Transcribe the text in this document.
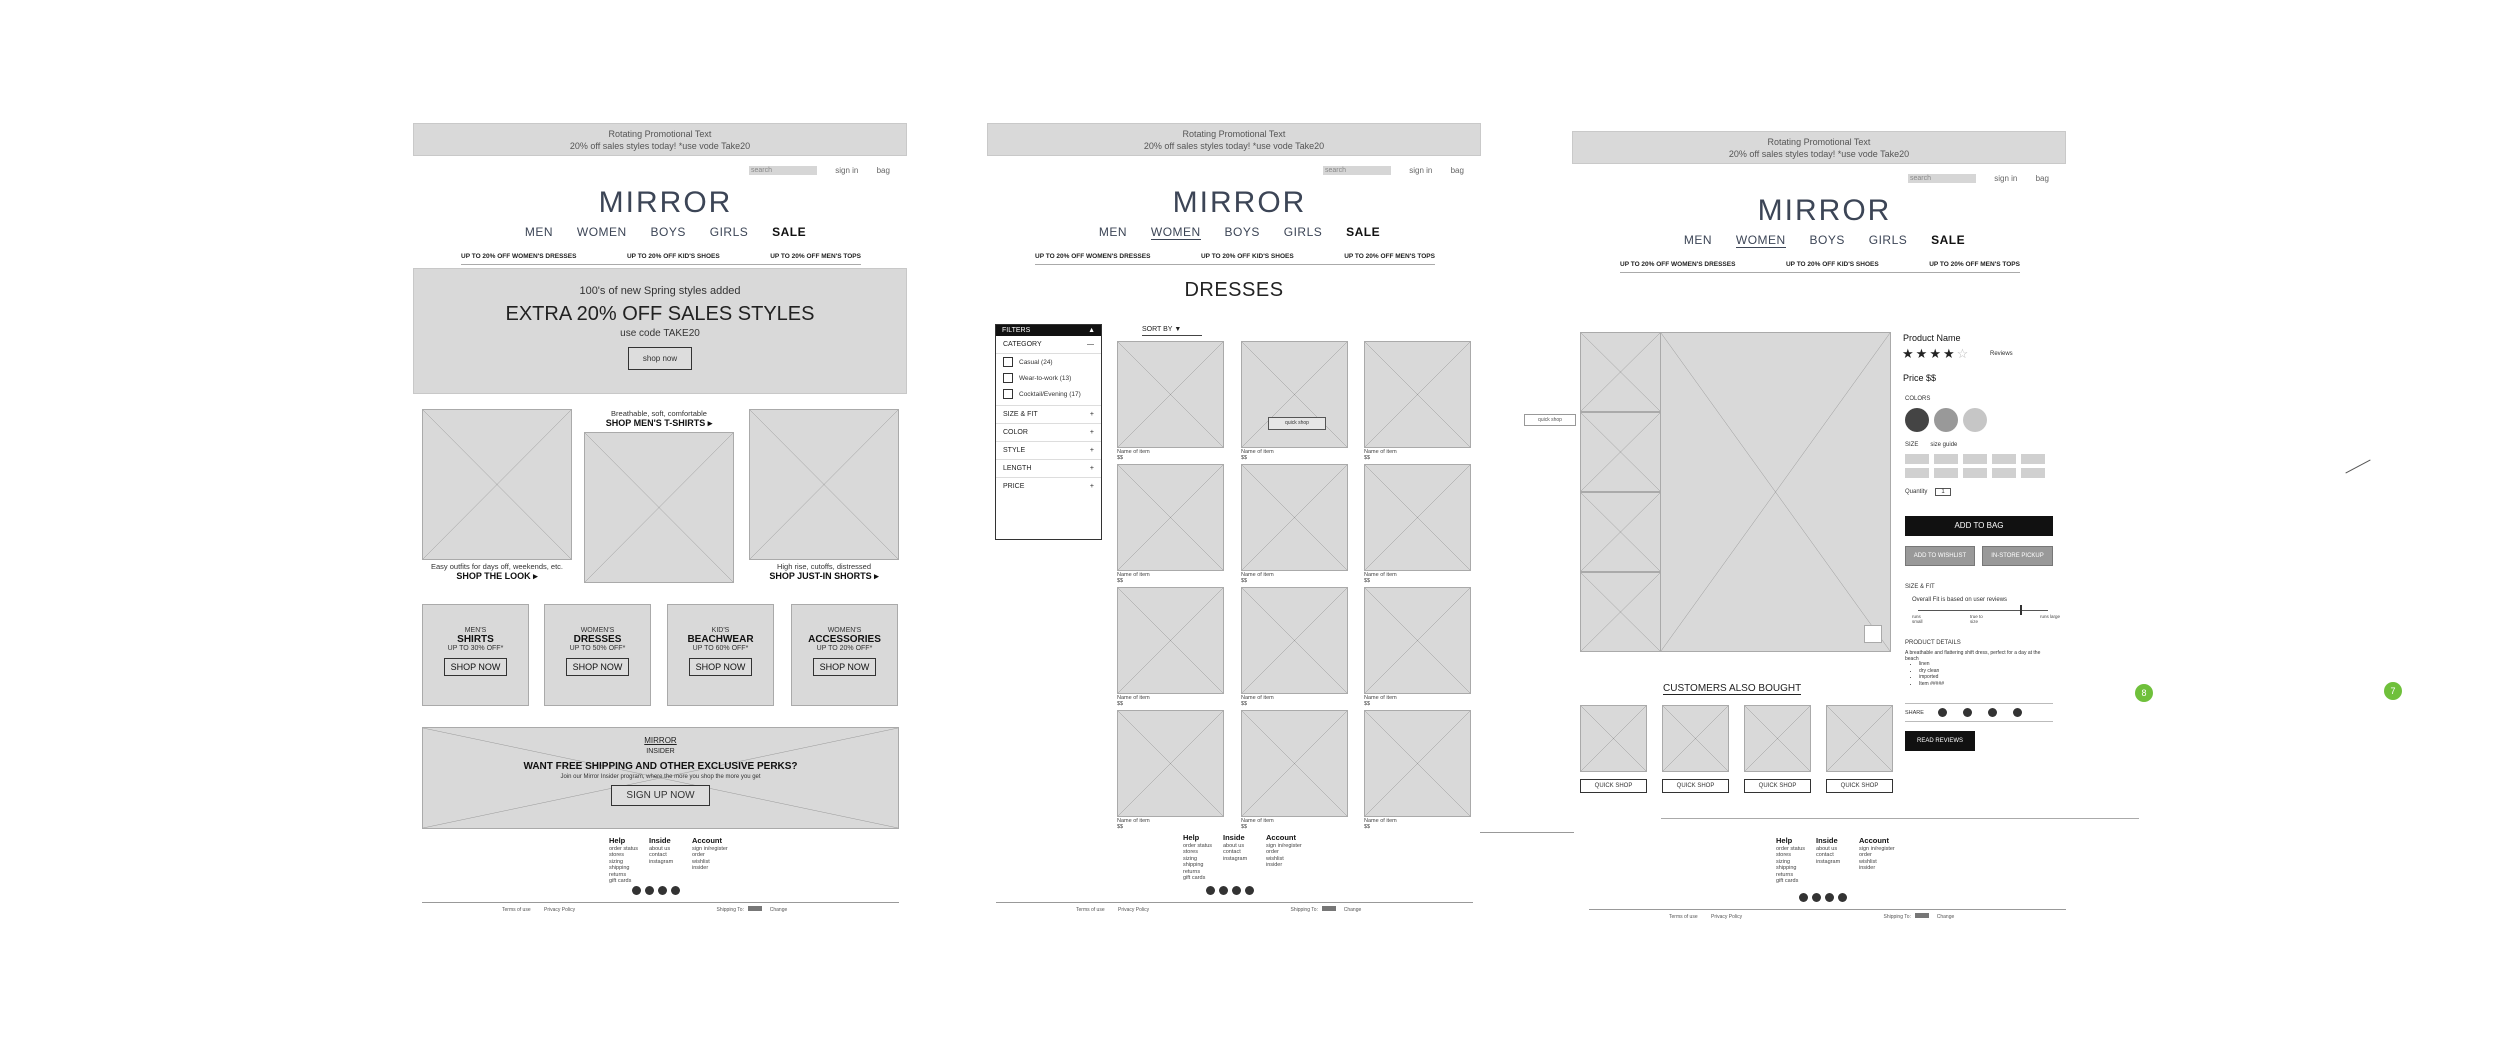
Rotating Promotional Text
20% off sales styles today! *use vode Take20
search	sign in bag
MIRROR
MEN WOMEN BOYS GIRLS SALE
UP TO 20% OFF WOMEN'S DRESSES	UP TO 20% OFF KID'S SHOES	UP TO 20% OFF MEN'S TOPS
100's of new Spring styles added
EXTRA 20% OFF SALES STYLES
use code TAKE20
shop now
Easy outfits for days off, weekends, etc.
SHOP THE LOOK ▸
Breathable, soft, comfortable
SHOP MEN'S T-SHIRTS ▸
High rise, cutoffs, distressed
SHOP JUST-IN SHORTS ▸
MEN'S
SHIRTS
UP TO 30% OFF*
SHOP NOW
WOMEN'S
DRESSES
UP TO 50% OFF*
SHOP NOW
KID'S
BEACHWEAR
UP TO 60% OFF*
SHOP NOW
WOMEN'S
ACCESSORIES
UP TO 20% OFF*
SHOP NOW
MIRROR
INSIDER
WANT FREE SHIPPING AND OTHER EXCLUSIVE PERKS?
Join our Mirror Insider program, where the more you shop the more you get
SIGN UP NOW
Help
order status
stores
sizing
shipping
returns
gift cards
Inside
about us
contact
instagram
Account
sign in/register
order
wishlist
insider
Terms of use	Privacy Policy	Shipping To:	Change
Rotating Promotional Text
20% off sales styles today! *use vode Take20
search	sign in bag
MIRROR
MEN WOMEN BOYS GIRLS SALE
UP TO 20% OFF WOMEN'S DRESSES	UP TO 20% OFF KID'S SHOES	UP TO 20% OFF MEN'S TOPS
DRESSES
FILTERS	▲
CATEGORY	—
Casual (24)
Wear-to-work (13)
Cocktail/Evening (17)
SIZE & FIT	+
COLOR	+
STYLE	+
LENGTH	+
PRICE	+
SORT BY ▼
Name of item
$$
quick shop
Name of item
$$
Name of item
$$
Name of item
$$
Name of item
$$
Name of item
$$
Name of item
$$
Name of item
$$
Name of item
$$
Name of item
$$
Name of item
$$
Name of item
$$
Help
order status
stores
sizing
shipping
returns
gift cards
Inside
about us
contact
instagram
Account
sign in/register
order
wishlist
insider
Terms of use	Privacy Policy	Shipping To:	Change
quick shop
Rotating Promotional Text
20% off sales styles today! *use vode Take20
search	sign in bag
MIRROR
MEN WOMEN BOYS GIRLS SALE
UP TO 20% OFF WOMEN'S DRESSES	UP TO 20% OFF KID'S SHOES	UP TO 20% OFF MEN'S TOPS
Product Name
★ ★ ★ ★ ☆	Reviews
Price $$
COLORS
SIZE size guide
Quantity 1
ADD TO BAG
ADD TO WISHLIST	IN-STORE PICKUP
SIZE & FIT
Overall Fit is based on user reviews
runs small
true to size
runs large
PRODUCT DETAILS
A breathable and flattering shift dress, perfect for a day at the beach
• linen
• dry clean
• imported
• Item #####
SHARE
READ REVIEWS
CUSTOMERS ALSO BOUGHT
QUICK SHOP	QUICK SHOP	QUICK SHOP	QUICK SHOP
Help
order status
stores
sizing
shipping
returns
gift cards
Inside
about us
contact
instagram
Account
sign in/register
order
wishlist
insider
Terms of use	Privacy Policy	Shipping To:	Change
8	7
